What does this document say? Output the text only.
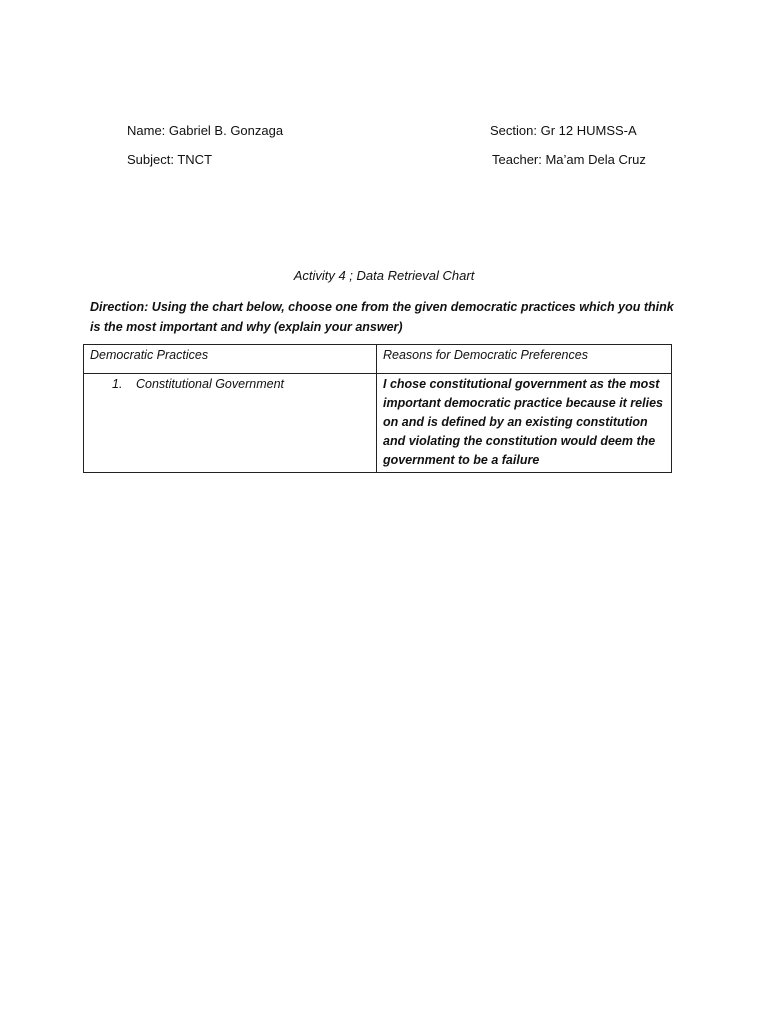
Name: Gabriel B. Gonzaga	Section: Gr 12 HUMSS-A
Subject: TNCT	Teacher: Ma’am Dela Cruz
Activity 4 ; Data Retrieval Chart
Direction: Using the chart below, choose one from the given democratic practices which you think is the most important and why (explain your answer)
Democratic Practices	Reasons for Democratic Preferences
1. Constitutional Government	I chose constitutional government as the most important democratic practice because it relies on and is defined by an existing constitution and violating the constitution would deem the government to be a failure
